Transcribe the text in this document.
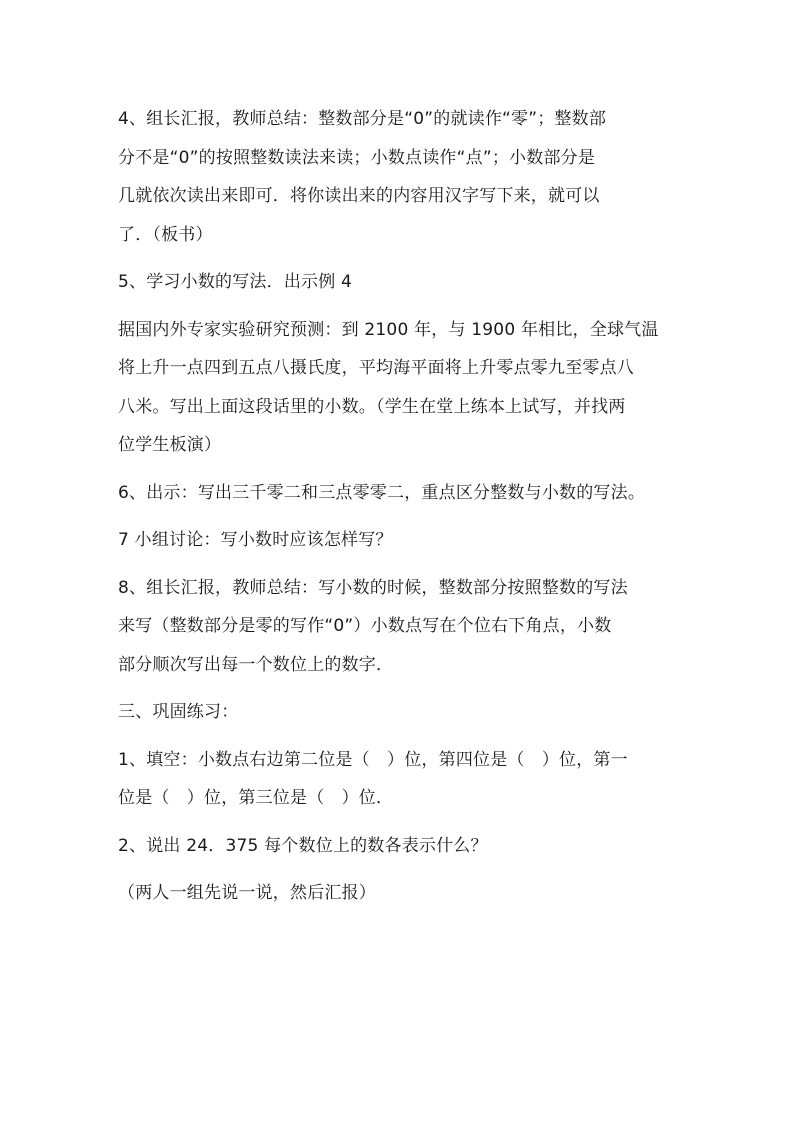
4、组长汇报，教师总结：整数部分是“0”的就读作“零”；整数部
分不是“0”的按照整数读法来读；小数点读作“点”；小数部分是
几就依次读出来即可．将你读出来的内容用汉字写下来，就可以
了．（板书）

5、学习小数的写法．出示例 4

据国内外专家实验研究预测：到 2100 年，与 1900 年相比，全球气温
将上升一点四到五点八摄氏度，平均海平面将上升零点零九至零点八
八米。写出上面这段话里的小数。（学生在堂上练本上试写，并找两
位学生板演）

6、出示：写出三千零二和三点零零二，重点区分整数与小数的写法。

7 小组讨论：写小数时应该怎样写？

8、组长汇报，教师总结：写小数的时候，整数部分按照整数的写法
来写（整数部分是零的写作“0”）小数点写在个位右下角点，小数
部分顺次写出每一个数位上的数字．

三、巩固练习：

1、填空：小数点右边第二位是（　）位，第四位是（　）位，第一
位是（　）位，第三位是（　）位．

2、说出 24．375 每个数位上的数各表示什么？

（两人一组先说一说，然后汇报）
